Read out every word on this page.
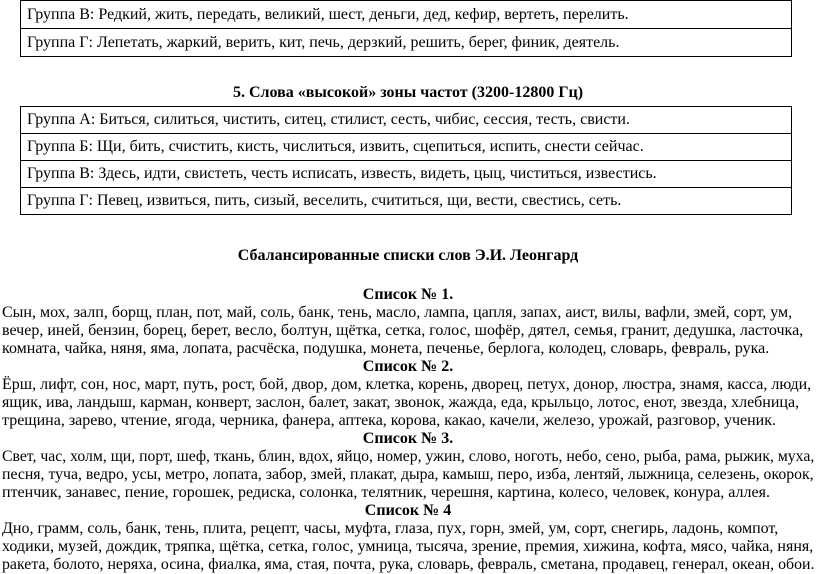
Группа В: Редкий, жить, передать, великий, шест, деньги, дед, кефир, вертеть, перелить.
Группа Г: Лепетать, жаркий, верить, кит, печь, дерзкий, решить, берег, финик, деятель.
5. Слова «высокой» зоны частот (3200-12800 Гц)
Группа А: Биться, силиться, чистить, ситец, стилист, сесть, чибис, сессия, тесть, свисти.
Группа Б: Щи, бить, счистить, кисть, числиться, извить, сцепиться, испить, снести сейчас.
Группа В: Здесь, идти, свистеть, честь исписать, известь, видеть, цыц, чиститься, известись.
Группа Г: Певец, извиться, пить, сизый, веселить, счититься, щи, вести, свестись, сеть.
Сбалансированные списки слов Э.И. Леонгард
Список № 1.
Сын, мох, залп, борщ, план, пот, май, соль, банк, тень, масло, лампа, цапля, запах, аист, вилы, вафли, змей, сорт, ум,
вечер, иней, бензин, борец, берет, весло, болтун, щётка, сетка, голос, шофёр, дятел, семья, гранит, дедушка, ласточка,
комната, чайка, няня, яма, лопата, расчёска, подушка, монета, печенье, берлога, колодец, словарь, февраль, рука.
Список № 2.
Ёрш, лифт, сон, нос, март, путь, рост, бой, двор, дом, клетка, корень, дворец, петух, донор, люстра, знамя, касса, люди,
ящик, ива, ландыш, карман, конверт, заслон, балет, закат, звонок, жажда, еда, крыльцо, лотос, енот, звезда, хлебница,
трещина, зарево, чтение, ягода, черника, фанера, аптека, корова, какао, качели, железо, урожай, разговор, ученик.
Список № 3.
Свет, час, холм, щи, порт, шеф, ткань, блин, вдох, яйцо, номер, ужин, слово, ноготь, небо, сено, рыба, рама, рыжик, муха,
песня, туча, ведро, усы, метро, лопата, забор, змей, плакат, дыра, камыш, перо, изба, лентяй, лыжница, селезень, окорок,
птенчик, занавес, пение, горошек, редиска, солонка, телятник, черешня, картина, колесо, человек, конура, аллея.
Список № 4
Дно, грамм, соль, банк, тень, плита, рецепт, часы, муфта, глаза, пух, горн, змей, ум, сорт, снегирь, ладонь, компот,
ходики, музей, дождик, тряпка, щётка, сетка, голос, умница, тысяча, зрение, премия, хижина, кофта, мясо, чайка, няня,
ракета, болото, неряха, осина, фиалка, яма, стая, почта, рука, словарь, февраль, сметана, продавец, генерал, океан, обои.
